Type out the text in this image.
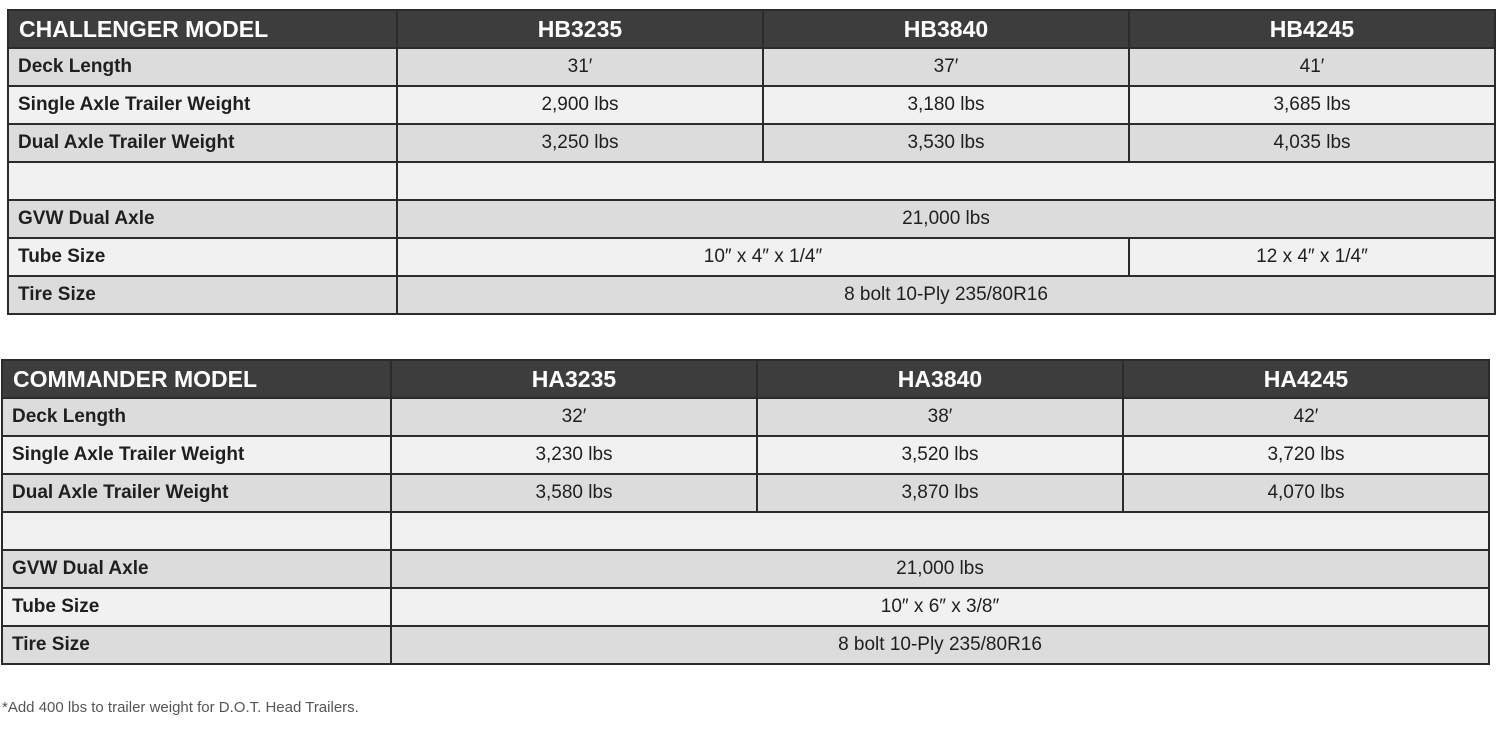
CHALLENGER MODEL	HB3235	HB3840	HB4245
Deck Length	31′	37′	41′
Single Axle Trailer Weight	2,900 lbs	3,180 lbs	3,685 lbs
Dual Axle Trailer Weight	3,250 lbs	3,530 lbs	4,035 lbs

GVW Dual Axle	21,000 lbs		
Tube Size	10″ x 4″ x 1/4″		12 x 4″ x 1/4″
Tire Size	8 bolt 10-Ply 235/80R16		
COMMANDER MODEL	HA3235	HA3840	HA4245
Deck Length	32′	38′	42′
Single Axle Trailer Weight	3,230 lbs	3,520 lbs	3,720 lbs
Dual Axle Trailer Weight	3,580 lbs	3,870 lbs	4,070 lbs

GVW Dual Axle	21,000 lbs		
Tube Size	10″ x 6″ x 3/8″		
Tire Size	8 bolt 10-Ply 235/80R16		
*Add 400 lbs to trailer weight for D.O.T. Head Trailers.
